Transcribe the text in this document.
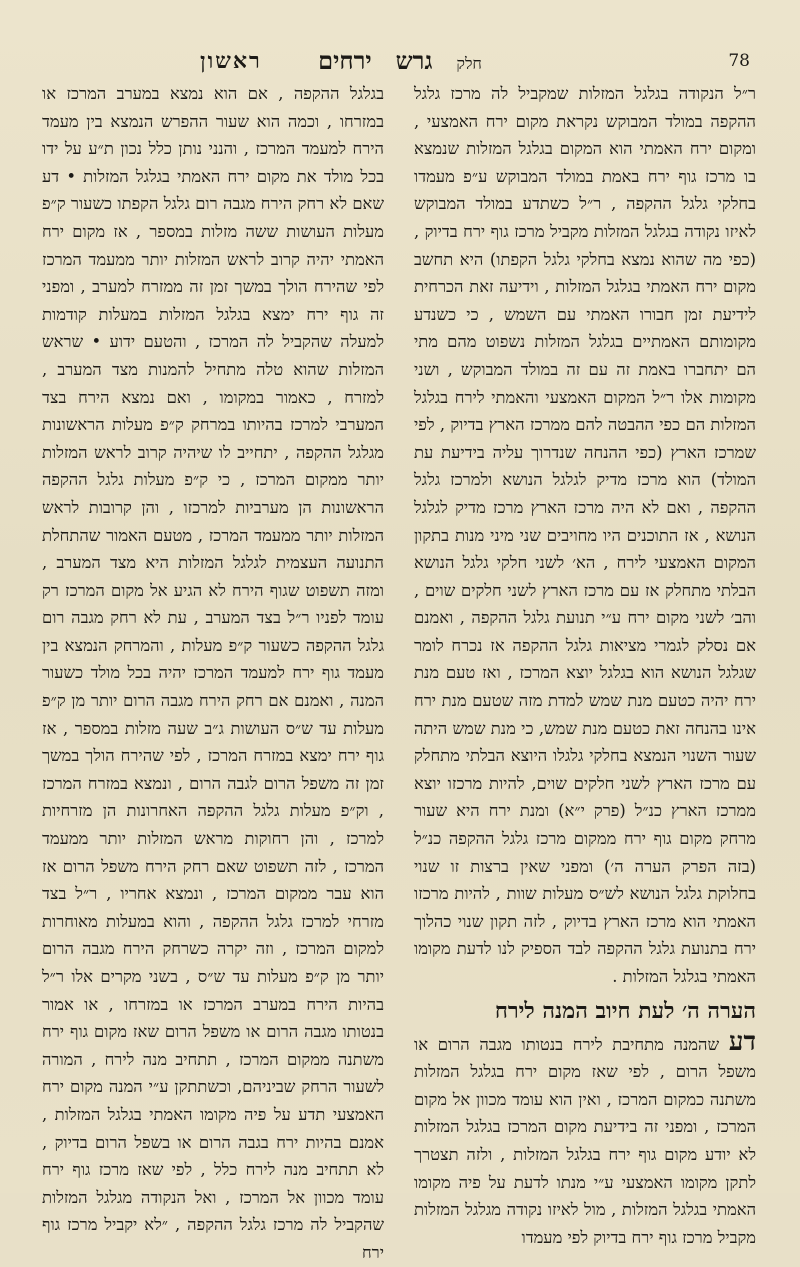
ראשון	חלק
גרש
ירחים	78

ר״ל הנקודה בגלגל המזלות שמקביל לה מרכז גלגל ההקפה במולד המבוקש נקראת מקום ירח האמצעי , ומקום ירח האמתי הוא המקום בגלגל המזלות שנמצא בו מרכז גוף ירח באמת במולד המבוקש ע״פ מעמדו בחלקי גלגל ההקפה , ר״ל כשתדע במולד המבוקש לאיזו נקודה בגלגל המזלות מקביל מרכז גוף ירח בדיוק , (כפי מה שהוא נמצא בחלקי גלגל הקפתו) היא תחשב מקום ירח האמתי בגלגל המזלות , וידיעה זאת הכרחית לידיעת זמן חבורו האמתי עם השמש , כי כשנדע מקומותם האמתיים בגלגל המזלות נשפוט מהם מתי הם יתחברו באמת זה עם זה במולד המבוקש , ושני מקומות אלו ר״ל המקום האמצעי והאמתי לירח בגלגל המזלות הם כפי ההבטה להם ממרכז הארץ בדיוק , לפי שמרכז הארץ (כפי ההנחה שנדרוך עליה בידיעת עת המולד) הוא מרכז מדיק לגלגל הנושא ולמרכז גלגל ההקפה , ואם לא היה מרכז הארץ מרכז מדיק לגלגל הנושא , אז התוכנים היו מחויבים שני מיני מנות בתקון המקום האמצעי לירח , הא׳ לשני חלקי גלגל הנושא הבלתי מתחלק אז עם מרכז הארץ לשני חלקים שוים , והב׳ לשני מקום ירח ע״י תנועת גלגל ההקפה , ואמנם אם נסלק לגמרי מציאות גלגל ההקפה אז נכרח לומר שגלגל הנושא הוא בגלגל יוצא המרכז , ואז טעם מנת ירח יהיה כטעם מנת שמש למדת מזה שטעם מנת ירח אינו בהנחה זאת כטעם מנת שמש, כי מנת שמש היתה שעור השנוי הנמצא בחלקי גלגלו היוצא הבלתי מתחלק עם מרכז הארץ לשני חלקים שוים, להיות מרכזו יוצא ממרכז הארץ כנ״ל (פרק י״א) ומנת ירח היא שעור מרחק מקום גוף ירח ממקום מרכז גלגל ההקפה כנ״ל (בזה הפרק הערה ה׳) ומפני שאין ברצות זו שנוי בחלוקת גלגל הנושא לש״ס מעלות שוות , להיות מרכזו האמתי הוא מרכז הארץ בדיוק , לזה תקון שנוי כהלוך ירח בתנועת גלגל ההקפה לבד הספיק לנו לדעת מקומו האמתי בגלגל המזלות .

הערה ה׳ לעת חיוב המנה לירח

דע שהמנה מתחיבת לירח בנטותו מגבה הרום או משפל הרום , לפי שאז מקום ירח בגלגל המזלות משתנה כמקום המרכז , ואין הוא עומד מכוון אל מקום המרכז , ומפני זה בידיעת מקום המרכז בגלגל המזלות לא יודע מקום גוף ירח בגלגל המזלות , ולזה תצטרך לתקן מקומו האמצעי ע״י מנתו לדעת על פיה מקומו האמתי בגלגל המזלות , מול לאיזו נקודה מגלגל המזלות מקביל מרכז גוף ירח בדיוק לפי מעמדו

בגלגל ההקפה , אם הוא נמצא במערב המרכז או במזרחו , וכמה הוא שעור ההפרש הנמצא בין מעמד הירח למעמד המרכז , והנני נותן כלל נכון ת״ע על ידו בכל מולד את מקום ירח האמתי בגלגל המזלות • דע שאם לא רחק הירח מגבה רום גלגל הקפתו כשעור ק״פ מעלות העושות ששה מזלות במספר , אז מקום ירח האמתי יהיה קרוב לראש המזלות יותר ממעמד המרכז לפי שהירח הולך במשך זמן זה ממזרח למערב , ומפני זה גוף ירח ימצא בגלגל המזלות במעלות קודמות למעלה שהקביל לה המרכז , והטעם ידוע • שראש המזלות שהוא טלה מתחיל להמנות מצד המערב , למזרח , כאמור במקומו , ואם נמצא הירח בצד המערבי למרכז בהיותו במרחק ק״פ מעלות הראשונות מגלגל ההקפה , יתחייב לו שיהיה קרוב לראש המזלות יותר ממקום המרכז , כי ק״פ מעלות גלגל ההקפה הראשונות הן מערביות למרכזו , והן קרובות לראש המזלות יותר ממעמד המרכז , מטעם האמור שהתחלת התנועה העצמית לגלגל המזלות היא מצד המערב , ומזה תשפוט שגוף הירח לא הגיע אל מקום המרכז רק עומד לפניו ר״ל בצד המערב , עת לא רחק מגבה רום גלגל ההקפה כשעור ק״פ מעלות , והמרחק הנמצא בין מעמד גוף ירח למעמד המרכז יהיה בכל מולד כשעור המנה , ואמנם אם רחק הירח מגבה הרום יותר מן ק״פ מעלות עד ש״ס העושות ג״ב שעה מזלות במספר , אז גוף ירח ימצא במזרח המרכז , לפי שהירח הולך במשך זמן זה משפל הרום לגבה הרום , ונמצא במזרח המרכז , וק״פ מעלות גלגל ההקפה האחרונות הן מזרחיות למרכז , והן רחוקות מראש המזלות יותר ממעמד המרכז , לזה תשפוט שאם רחק הירח משפל הרום אז הוא עבר ממקום המרכז , ונמצא אחריו , ר״ל בצד מזרחי למרכז גלגל ההקפה , והוא במעלות מאוחרות למקום המרכז , וזה יקרה כשרחק הירח מגבה הרום יותר מן ק״פ מעלות עד ש״ס , בשני מקרים אלו ר״ל בהיות הירח במערב המרכז או במזרחו , או אמור בנטותו מגבה הרום או משפל הרום שאז מקום גוף ירח משתנה ממקום המרכז , תתחיב מנה לירח , המורה לשעור הרחק שביניהם, וכשתתקן ע״י המנה מקום ירח האמצעי תדע על פיה מקומו האמתי בגלגל המזלות , אמנם בהיות ירח בגבה הרום או בשפל הרום בדיוק , לא תתחיב מנה לירח כלל , לפי שאז מרכז גוף ירח עומד מכוון אל המרכז , ואל הנקודה מגלגל המזלות שהקביל לה מרכז גלגל ההקפה , ״לא יקביל מרכז גוף ירח
